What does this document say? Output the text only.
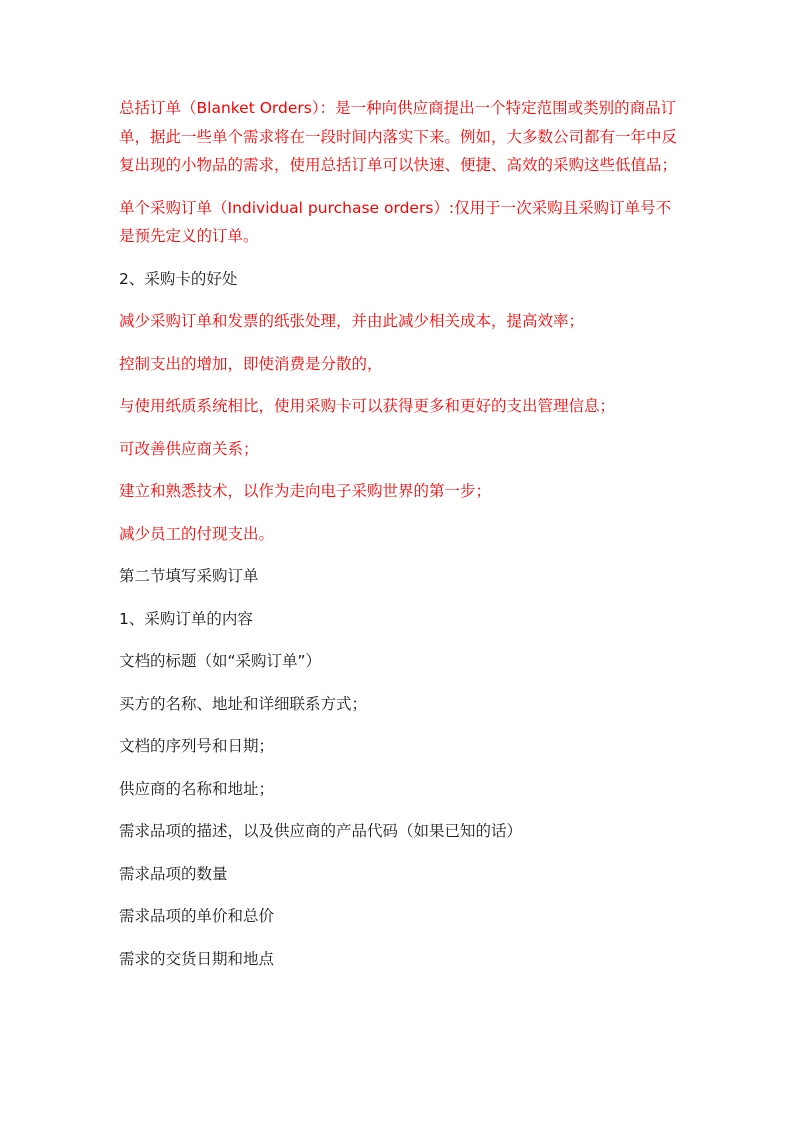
总括订单（Blanket Orders）：是一种向供应商提出一个特定范围或类别的商品订单，据此一些单个需求将在一段时间内落实下来。例如，大多数公司都有一年中反复出现的小物品的需求，使用总括订单可以快速、便捷、高效的采购这些低值品；

单个采购订单（Individual purchase orders）:仅用于一次采购且采购订单号不是预先定义的订单。

2、采购卡的好处

减少采购订单和发票的纸张处理，并由此减少相关成本，提高效率；

控制支出的增加，即使消费是分散的，

与使用纸质系统相比，使用采购卡可以获得更多和更好的支出管理信息；

可改善供应商关系；

建立和熟悉技术，以作为走向电子采购世界的第一步；

减少员工的付现支出。

第二节填写采购订单

1、采购订单的内容

文档的标题（如“采购订单”）

买方的名称、地址和详细联系方式；

文档的序列号和日期；

供应商的名称和地址；

需求品项的描述，以及供应商的产品代码（如果已知的话）

需求品项的数量

需求品项的单价和总价

需求的交货日期和地点
